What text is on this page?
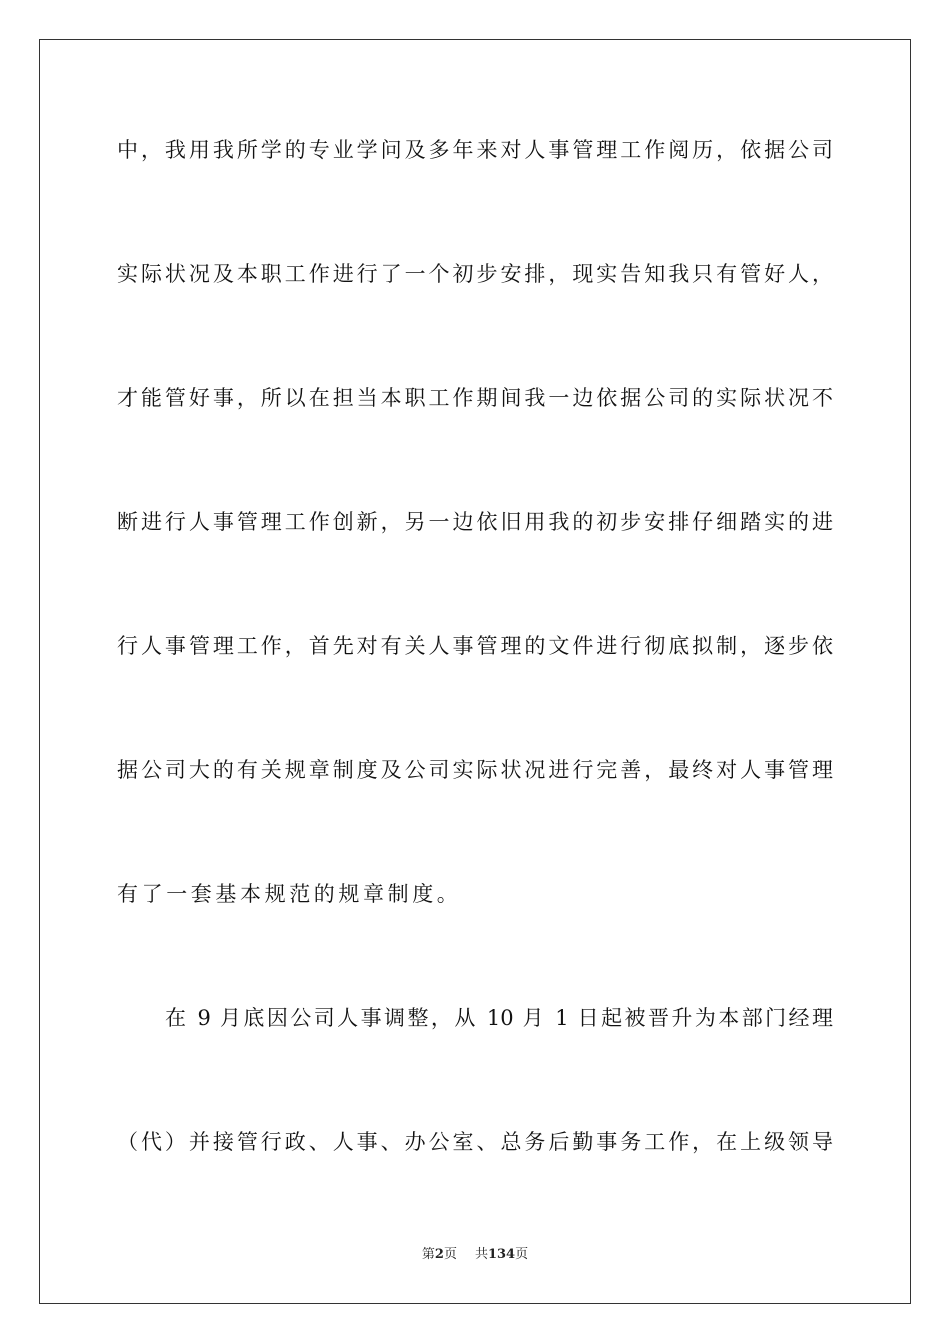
中，我用我所学的专业学问及多年来对人事管理工作阅历，依据公司
实际状况及本职工作进行了一个初步安排，现实告知我只有管好人，
才能管好事，所以在担当本职工作期间我一边依据公司的实际状况不
断进行人事管理工作创新，另一边依旧用我的初步安排仔细踏实的进
行人事管理工作，首先对有关人事管理的文件进行彻底拟制，逐步依
据公司大的有关规章制度及公司实际状况进行完善，最终对人事管理
有了一套基本规范的规章制度。
在 9 月底因公司人事调整，从 10 月 1 日起被晋升为本部门经理
（代）并接管行政、人事、办公室、总务后勤事务工作，在上级领导
第2页 共134页
